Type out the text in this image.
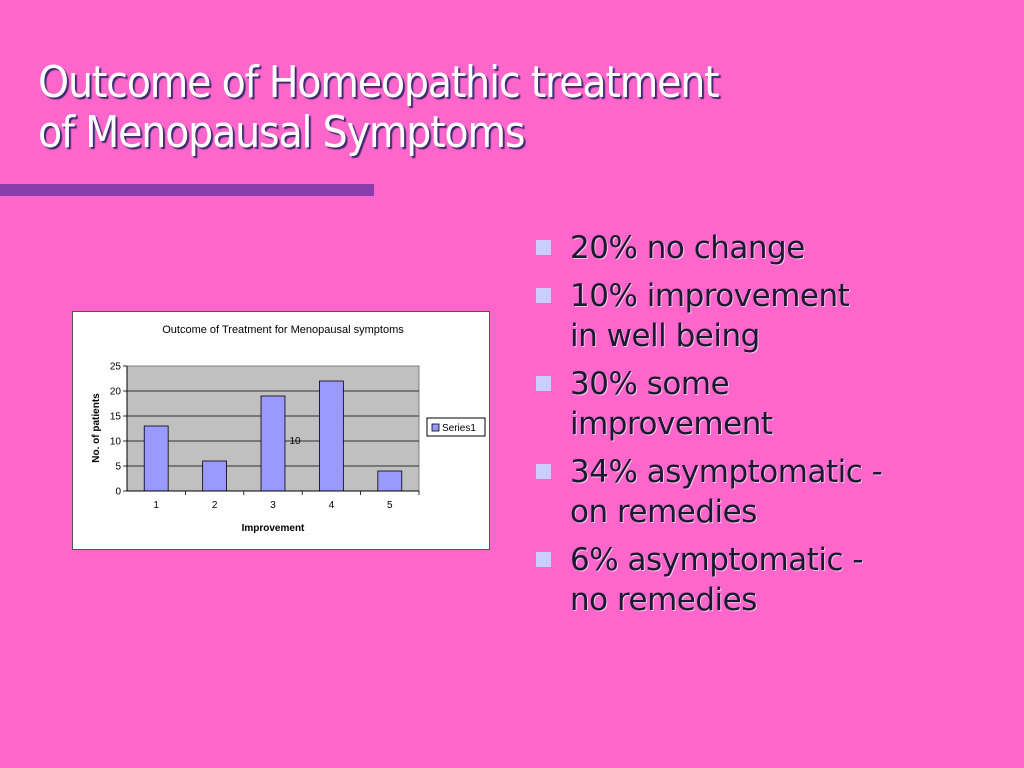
Outcome of Homeopathic treatment
of Menopausal Symptoms
20% no change
10% improvement
in well being
30% some
improvement
34% asymptomatic -
on remedies
6% asymptomatic -
no remedies
Outcome of Treatment for Menopausal symptoms
0
5
10
15
20
25
1	2	3	4	5
Improvement
No. of patients	10
Series1
